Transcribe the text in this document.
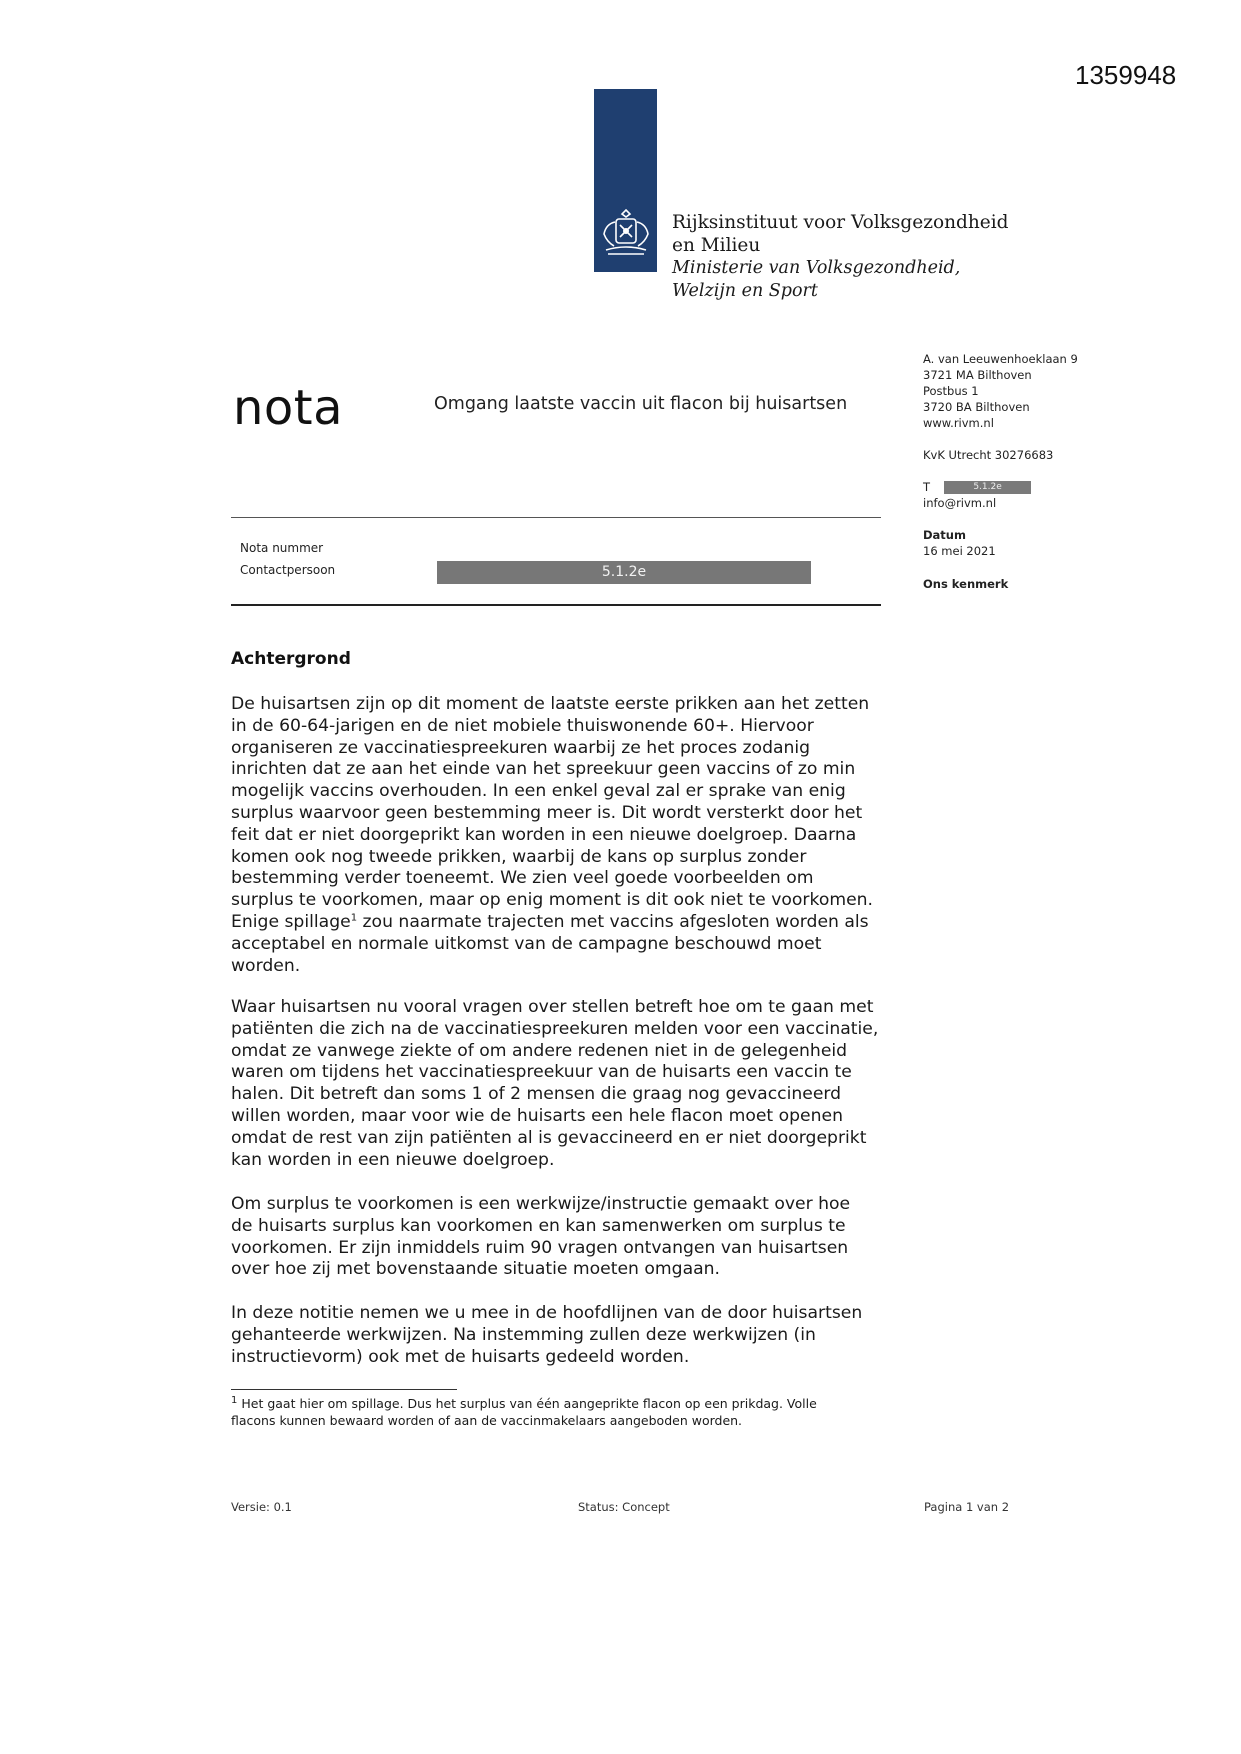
1359948
Rijksinstituut voor Volksgezondheid
en Milieu
Ministerie van Volksgezondheid,
Welzijn en Sport
nota	Omgang laatste vaccin uit flacon bij huisartsen
A. van Leeuwenhoeklaan 9
3721 MA Bilthoven
Postbus 1
3720 BA Bilthoven
www.rivm.nl
KvK Utrecht 30276683
T	5.1.2e
info@rivm.nl
Datum
16 mei 2021
Ons kenmerk
Nota nummer
Contactpersoon	5.1.2e
Achtergrond
De huisartsen zijn op dit moment de laatste eerste prikken aan het zetten
in de 60-64-jarigen en de niet mobiele thuiswonende 60+. Hiervoor
organiseren ze vaccinatiespreekuren waarbij ze het proces zodanig
inrichten dat ze aan het einde van het spreekuur geen vaccins of zo min
mogelijk vaccins overhouden. In een enkel geval zal er sprake van enig
surplus waarvoor geen bestemming meer is. Dit wordt versterkt door het
feit dat er niet doorgeprikt kan worden in een nieuwe doelgroep. Daarna
komen ook nog tweede prikken, waarbij de kans op surplus zonder
bestemming verder toeneemt. We zien veel goede voorbeelden om
surplus te voorkomen, maar op enig moment is dit ook niet te voorkomen.
Enige spillage$^1$ zou naarmate trajecten met vaccins afgesloten worden als
acceptabel en normale uitkomst van de campagne beschouwd moet
worden.
Waar huisartsen nu vooral vragen over stellen betreft hoe om te gaan met
patiënten die zich na de vaccinatiespreekuren melden voor een vaccinatie,
omdat ze vanwege ziekte of om andere redenen niet in de gelegenheid
waren om tijdens het vaccinatiespreekuur van de huisarts een vaccin te
halen. Dit betreft dan soms 1 of 2 mensen die graag nog gevaccineerd
willen worden, maar voor wie de huisarts een hele flacon moet openen
omdat de rest van zijn patiënten al is gevaccineerd en er niet doorgeprikt
kan worden in een nieuwe doelgroep.
Om surplus te voorkomen is een werkwijze/instructie gemaakt over hoe
de huisarts surplus kan voorkomen en kan samenwerken om surplus te
voorkomen. Er zijn inmiddels ruim 90 vragen ontvangen van huisartsen
over hoe zij met bovenstaande situatie moeten omgaan.
In deze notitie nemen we u mee in de hoofdlijnen van de door huisartsen
gehanteerde werkwijzen. Na instemming zullen deze werkwijzen (in
instructievorm) ook met de huisarts gedeeld worden.
$^1$ Het gaat hier om spillage. Dus het surplus van één aangeprikte flacon op een prikdag. Volle
flacons kunnen bewaard worden of aan de vaccinmakelaars aangeboden worden.
Versie: 0.1	Status: Concept	Pagina 1 van 2
